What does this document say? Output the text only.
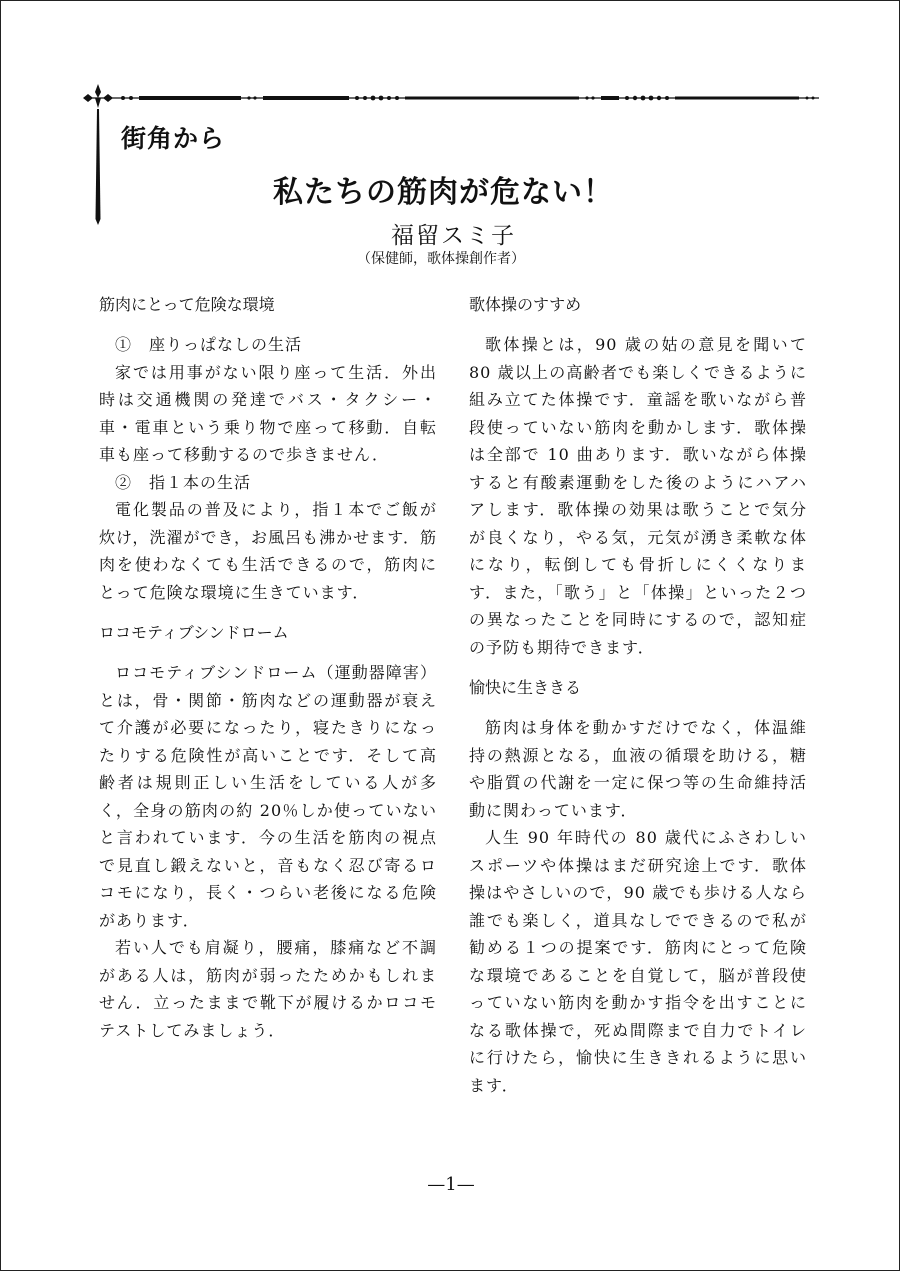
街角から
私たちの筋肉が危ない！
福留スミ子
（保健師，歌体操創作者）
筋肉にとって危険な環境

①　座りっぱなしの生活

家では用事がない限り座って生活．外出時は交通機関の発達でバス・タクシー・車・電車という乗り物で座って移動．自転車も座って移動するので歩きません．

②　指１本の生活

電化製品の普及により，指１本でご飯が炊け，洗濯ができ，お風呂も沸かせます．筋肉を使わなくても生活できるので，筋肉にとって危険な環境に生きています．

ロコモティブシンドローム

ロコモティブシンドローム（運動器障害）とは，骨・関節・筋肉などの運動器が衰えて介護が必要になったり，寝たきりになったりする危険性が高いことです．そして高齢者は規則正しい生活をしている人が多く，全身の筋肉の約 20％しか使っていないと言われています．今の生活を筋肉の視点で見直し鍛えないと，音もなく忍び寄るロコモになり，長く・つらい老後になる危険があります．

若い人でも肩凝り，腰痛，膝痛など不調がある人は，筋肉が弱ったためかもしれません．立ったままで靴下が履けるかロコモテストしてみましょう．

歌体操のすすめ

歌体操とは，90 歳の姑の意見を聞いて 80 歳以上の高齢者でも楽しくできるように組み立てた体操です．童謡を歌いながら普段使っていない筋肉を動かします．歌体操は全部で 10 曲あります．歌いながら体操すると有酸素運動をした後のようにハアハアします．歌体操の効果は歌うことで気分が良くなり，やる気，元気が湧き柔軟な体になり，転倒しても骨折しにくくなります．また，「歌う」と「体操」といった２つの異なったことを同時にするので，認知症の予防も期待できます．

愉快に生ききる

筋肉は身体を動かすだけでなく，体温維持の熱源となる，血液の循環を助ける，糖や脂質の代謝を一定に保つ等の生命維持活動に関わっています．

人生 90 年時代の 80 歳代にふさわしいスポーツや体操はまだ研究途上です．歌体操はやさしいので，90 歳でも歩ける人なら誰でも楽しく，道具なしでできるので私が勧める１つの提案です．筋肉にとって危険な環境であることを自覚して，脳が普段使っていない筋肉を動かす指令を出すことになる歌体操で，死ぬ間際まで自力でトイレに行けたら，愉快に生ききれるように思います．

—1—
